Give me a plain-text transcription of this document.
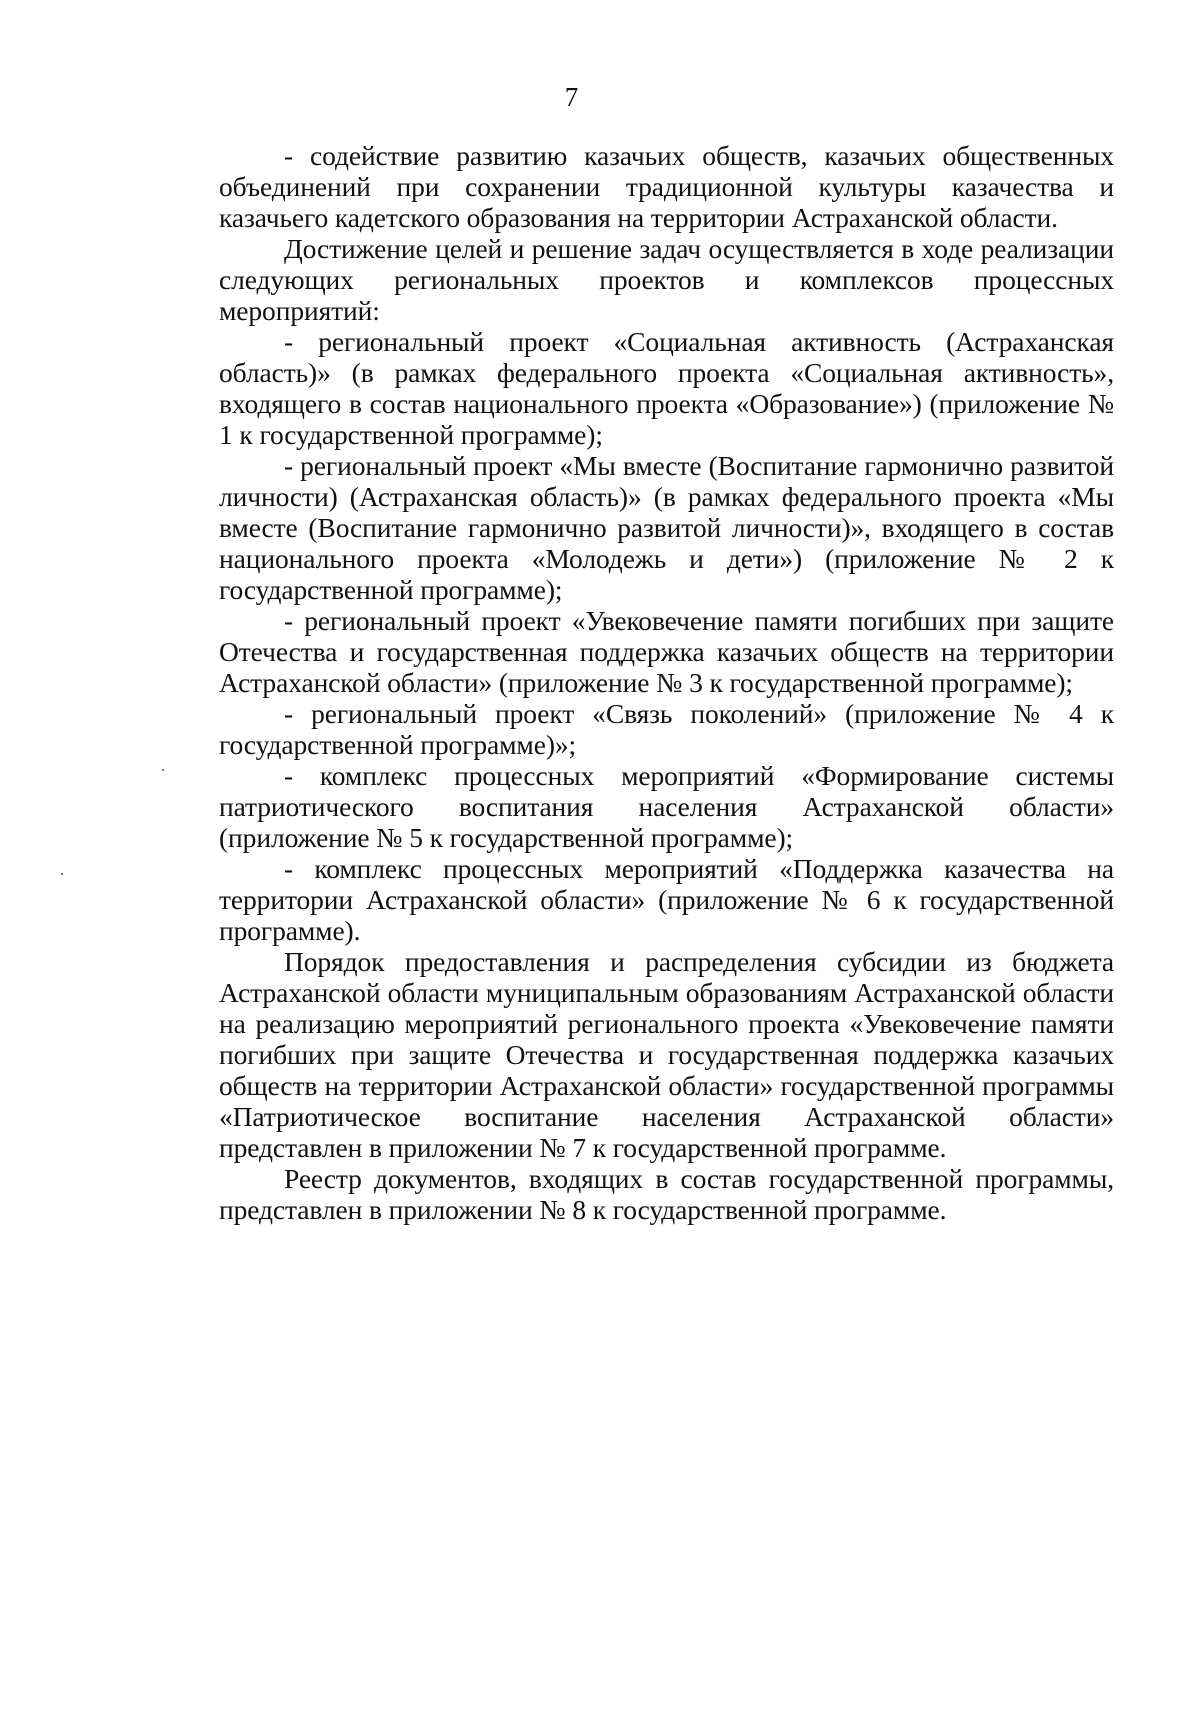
7

- содействие развитию казачьих обществ, казачьих общественных объединений при сохранении традиционной культуры казачества и казачьего кадетского образования на территории Астраханской области.

Достижение целей и решение задач осуществляется в ходе реализации следующих региональных проектов и комплексов процессных мероприятий:

- региональный проект «Социальная активность (Астраханская область)» (в рамках федерального проекта «Социальная активность», входящего в состав национального проекта «Образование») (приложение № 1 к государственной программе);

- региональный проект «Мы вместе (Воспитание гармонично развитой личности) (Астраханская область)» (в рамках федерального проекта «Мы вместе (Воспитание гармонично развитой личности)», входящего в состав национального проекта «Молодежь и дети») (приложение № 2 к государственной программе);

- региональный проект «Увековечение памяти погибших при защите Отечества и государственная поддержка казачьих обществ на территории Астраханской области» (приложение № 3 к государственной программе);

- региональный проект «Связь поколений» (приложение № 4 к государственной программе)»;

- комплекс процессных мероприятий «Формирование системы патриотического воспитания населения Астраханской области» (приложение № 5 к государственной программе);

- комплекс процессных мероприятий «Поддержка казачества на территории Астраханской области» (приложение № 6 к государственной программе).

Порядок предоставления и распределения субсидии из бюджета Астраханской области муниципальным образованиям Астраханской области на реализацию мероприятий регионального проекта «Увековечение памяти погибших при защите Отечества и государственная поддержка казачьих обществ на территории Астраханской области» государственной программы «Патриотическое воспитание населения Астраханской области» представлен в приложении № 7 к государственной программе.

Реестр документов, входящих в состав государственной программы, представлен в приложении № 8 к государственной программе.
